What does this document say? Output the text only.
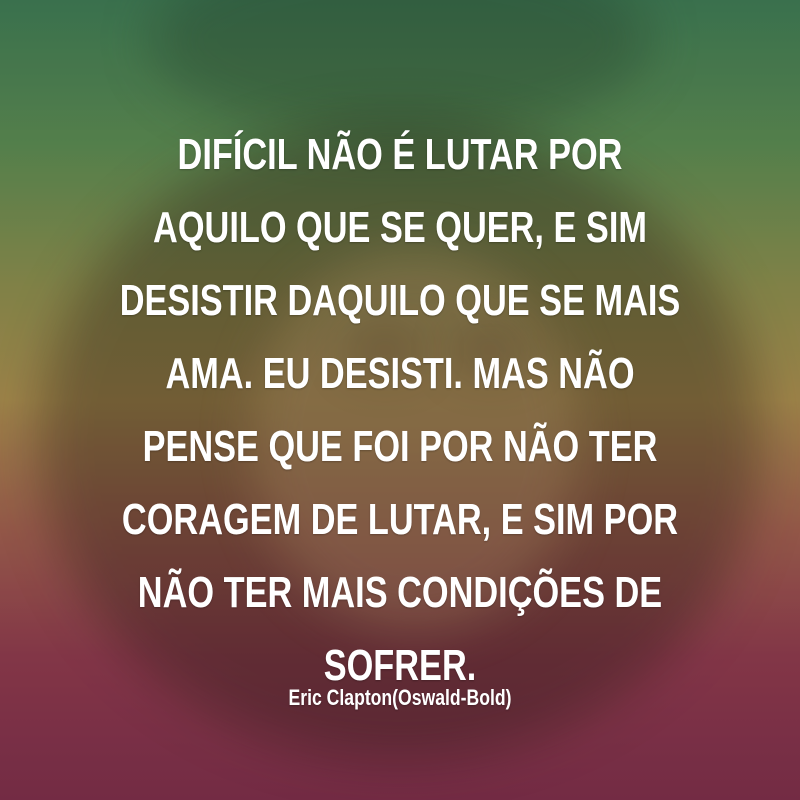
DIFÍCIL NÃO É LUTAR POR AQUILO QUE SE QUER, E SIM DESISTIR DAQUILO QUE SE MAIS AMA. EU DESISTI. MAS NÃO PENSE QUE FOI POR NÃO TER CORAGEM DE LUTAR, E SIM POR NÃO TER MAIS CONDIÇÕES DE SOFRER.

Eric Clapton(Oswald-Bold)
